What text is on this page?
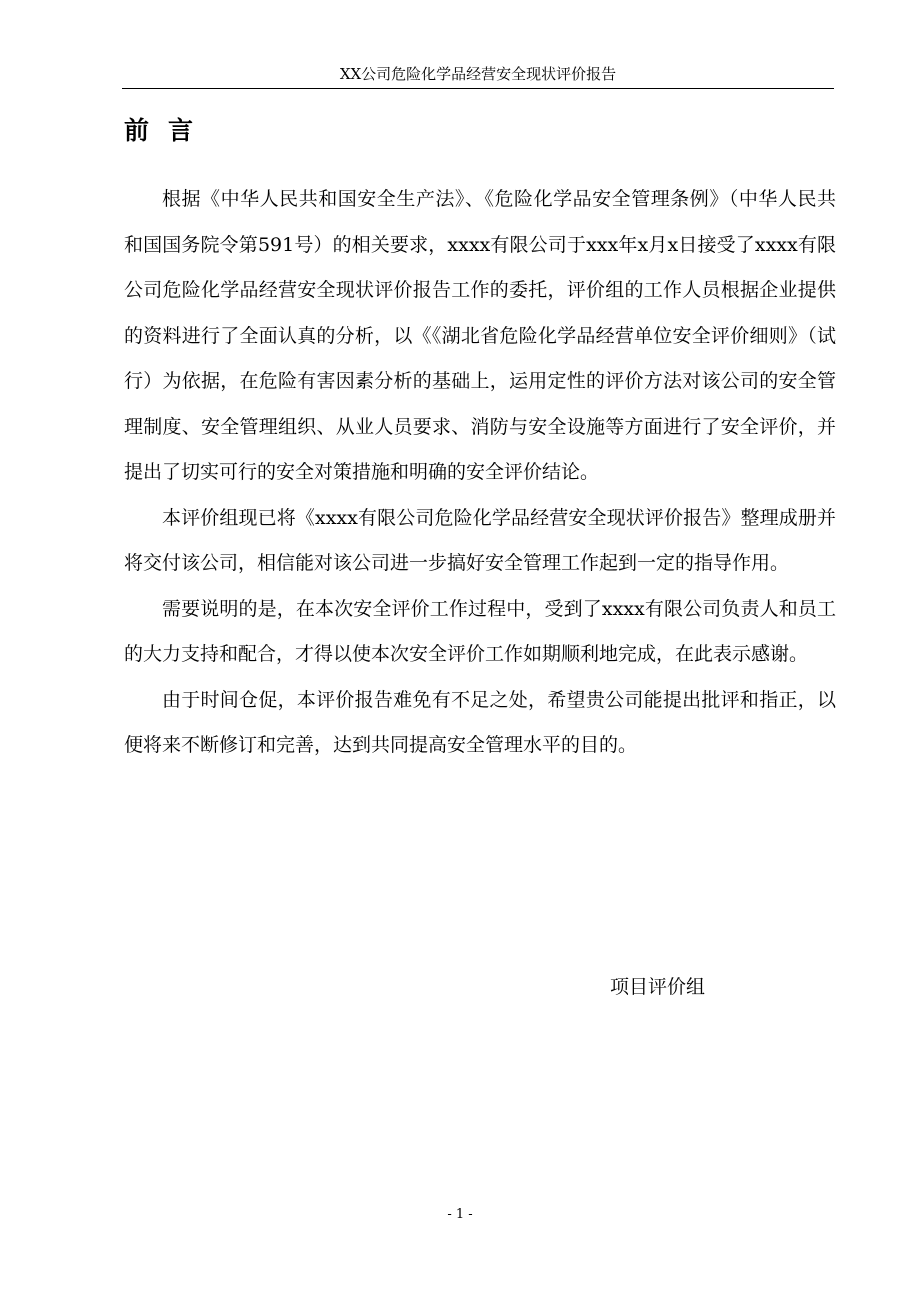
XX公司危险化学品经营安全现状评价报告
前言

根据《中华人民共和国安全生产法》、《危险化学品安全管理条例》（中华人民共和国国务院令第591号）的相关要求，xxxx有限公司于xxx年x月x日接受了xxxx有限公司危险化学品经营安全现状评价报告工作的委托，评价组的工作人员根据企业提供的资料进行了全面认真的分析，以《《湖北省危险化学品经营单位安全评价细则》（试行）为依据，在危险有害因素分析的基础上，运用定性的评价方法对该公司的安全管理制度、安全管理组织、从业人员要求、消防与安全设施等方面进行了安全评价，并提出了切实可行的安全对策措施和明确的安全评价结论。

本评价组现已将《xxxx有限公司危险化学品经营安全现状评价报告》整理成册并将交付该公司，相信能对该公司进一步搞好安全管理工作起到一定的指导作用。

需要说明的是，在本次安全评价工作过程中，受到了xxxx有限公司负责人和员工的大力支持和配合，才得以使本次安全评价工作如期顺利地完成，在此表示感谢。

由于时间仓促，本评价报告难免有不足之处，希望贵公司能提出批评和指正，以便将来不断修订和完善，达到共同提高安全管理水平的目的。

项目评价组
- 1 -
